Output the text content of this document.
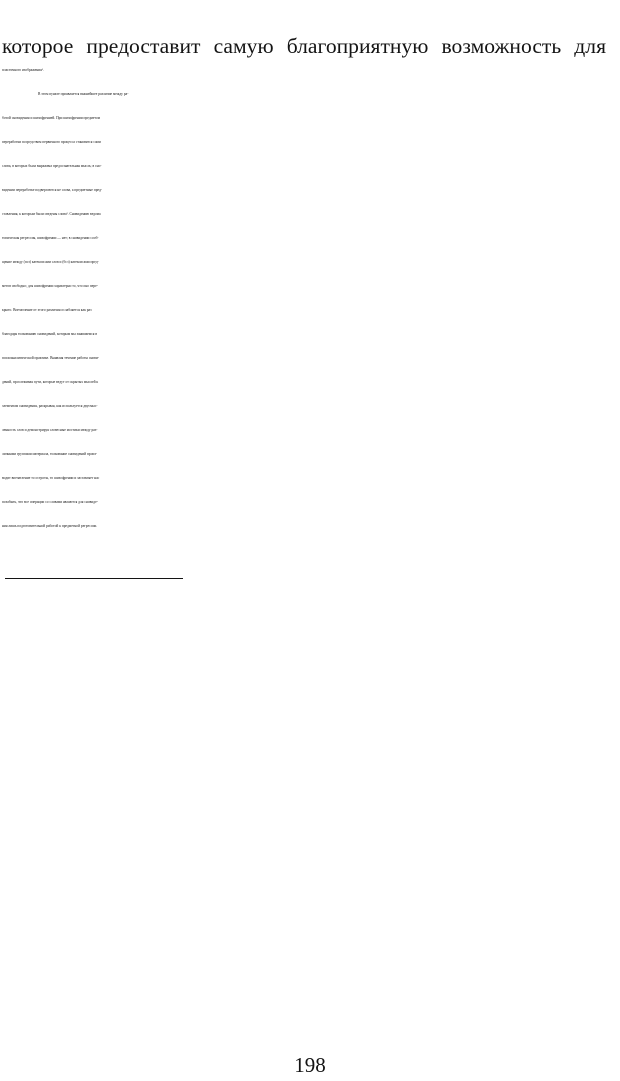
которое предоставит самую благоприятную возможность для

пластичного изображения¹.

В этом пункте проявляется важнейшее различие между ра-

ботой сновидения и шизофренией. При шизофрении предметом

переработки посредством первичного процесса становятся сами

слова, в которых была выражена предсознательная мысль; в сно-

видении переработке подвергаются не слова, а предметные пред-

ставления, к которым были сведены слова². Сновидению ведома

топическая регрессия, шизофрении — нет; в сновидении сооб-

щение между (псз) катексисами слов и (бсз) катексисами пред-

метов свободно; для шизофрении характерно то, что оно пере-

крыто. Впечатление от этого различия ослабляется как раз

благодаря толкованию сновидений, которым мы занимаемся в

психоаналитической практике. Выявляя течение работы снови-

дений, прослеживая пути, которые ведут от скрытых мыслей к

элементам сновидения, раскрывая, как используется двусмыс-

ленность слов и демонстрируя словесные мостики между раз-

личными группами материала, толкование сновидений произ-

водит впечатление то остроты, то шизофрении и заставляет нас

позабыть, что все операции со словами являются для сновиде-

ния лишь подготовительной работой к предметной регрессии.

198
